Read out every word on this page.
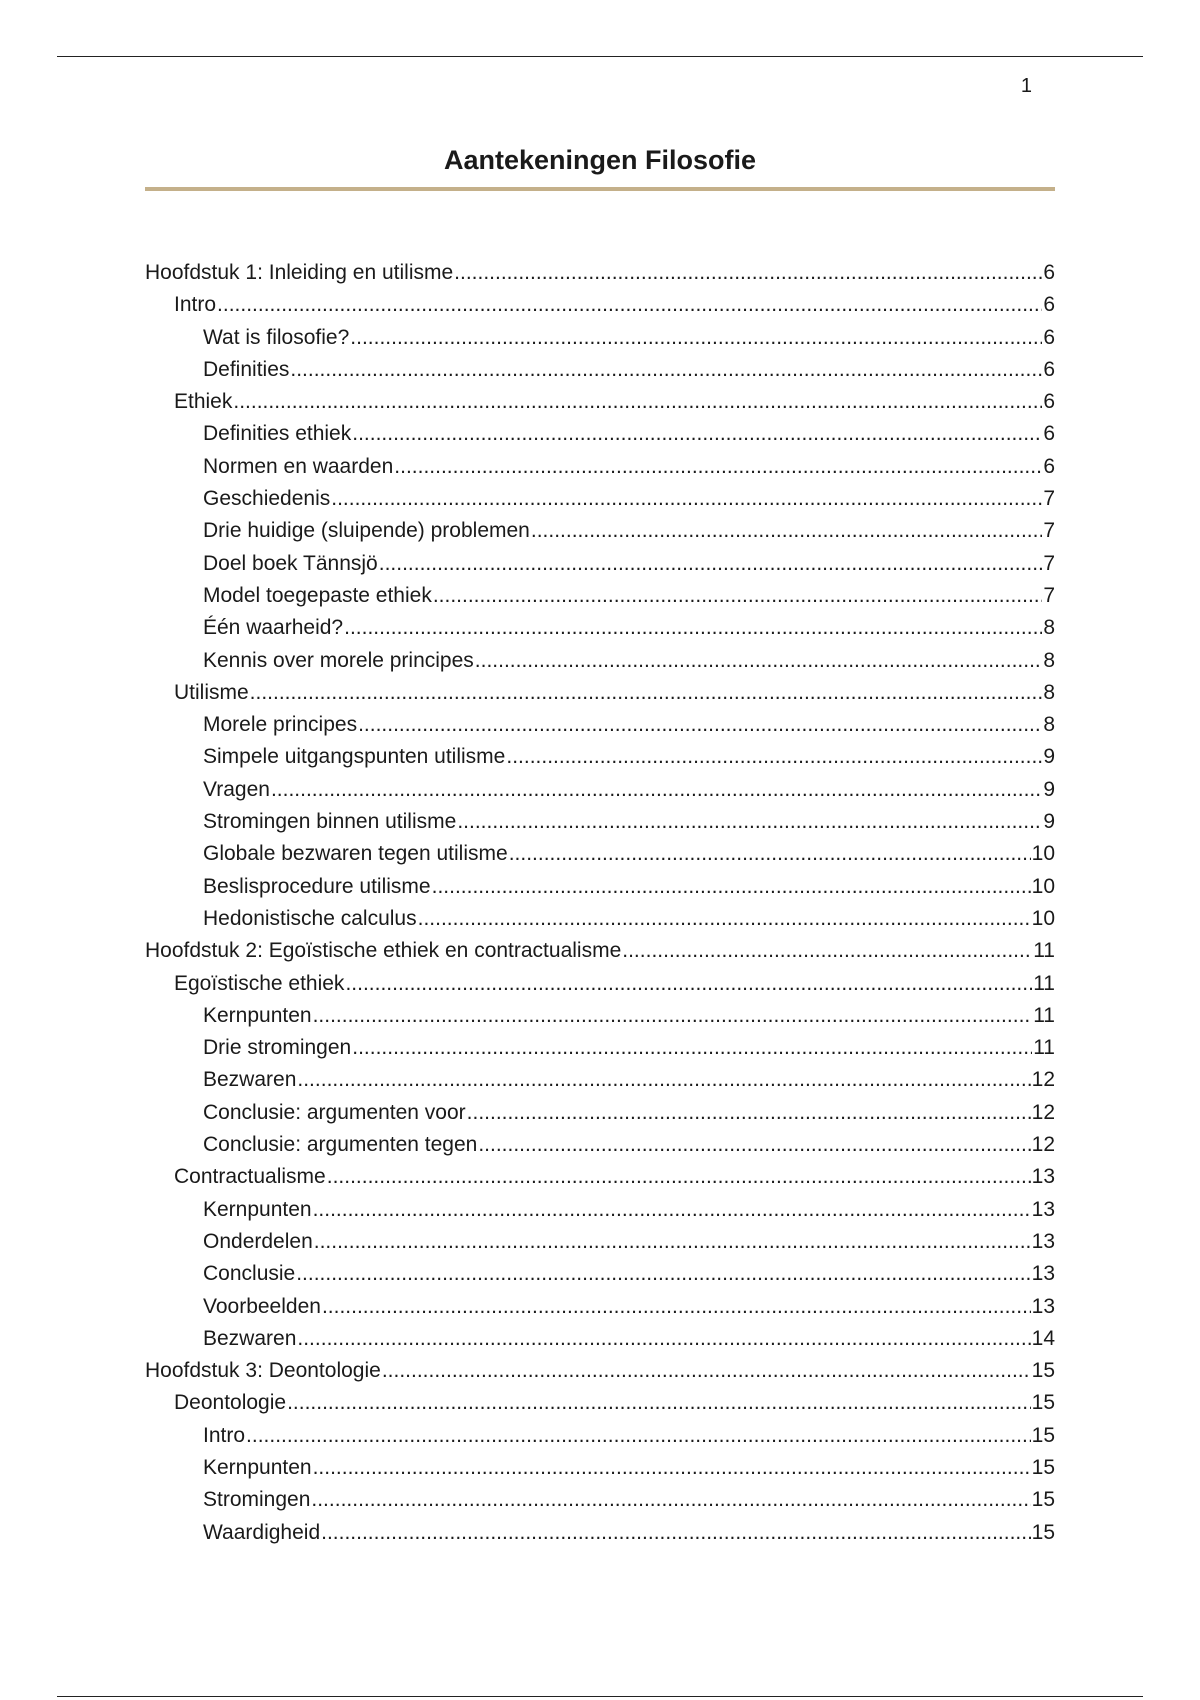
1
Aantekeningen Filosofie
Hoofdstuk 1: Inleiding en utilisme .....	6
Intro .....	6
Wat is filosofie? .....	6
Definities .....	6
Ethiek .....	6
Definities ethiek .....	6
Normen en waarden .....	6
Geschiedenis .....	7
Drie huidige (sluipende) problemen .....	7
Doel boek Tännsjö .....	7
Model toegepaste ethiek .....	7
Één waarheid? .....	8
Kennis over morele principes .....	8
Utilisme .....	8
Morele principes .....	8
Simpele uitgangspunten utilisme .....	9
Vragen .....	9
Stromingen binnen utilisme .....	9
Globale bezwaren tegen utilisme .....	10
Beslisprocedure utilisme .....	10
Hedonistische calculus .....	10
Hoofdstuk 2: Egoïstische ethiek en contractualisme .....	11
Egoïstische ethiek .....	11
Kernpunten .....	11
Drie stromingen .....	11
Bezwaren .....	12
Conclusie: argumenten voor .....	12
Conclusie: argumenten tegen .....	12
Contractualisme .....	13
Kernpunten .....	13
Onderdelen .....	13
Conclusie .....	13
Voorbeelden .....	13
Bezwaren .....	14
Hoofdstuk 3: Deontologie .....	15
Deontologie .....	15
Intro .....	15
Kernpunten .....	15
Stromingen .....	15
Waardigheid .....	15
